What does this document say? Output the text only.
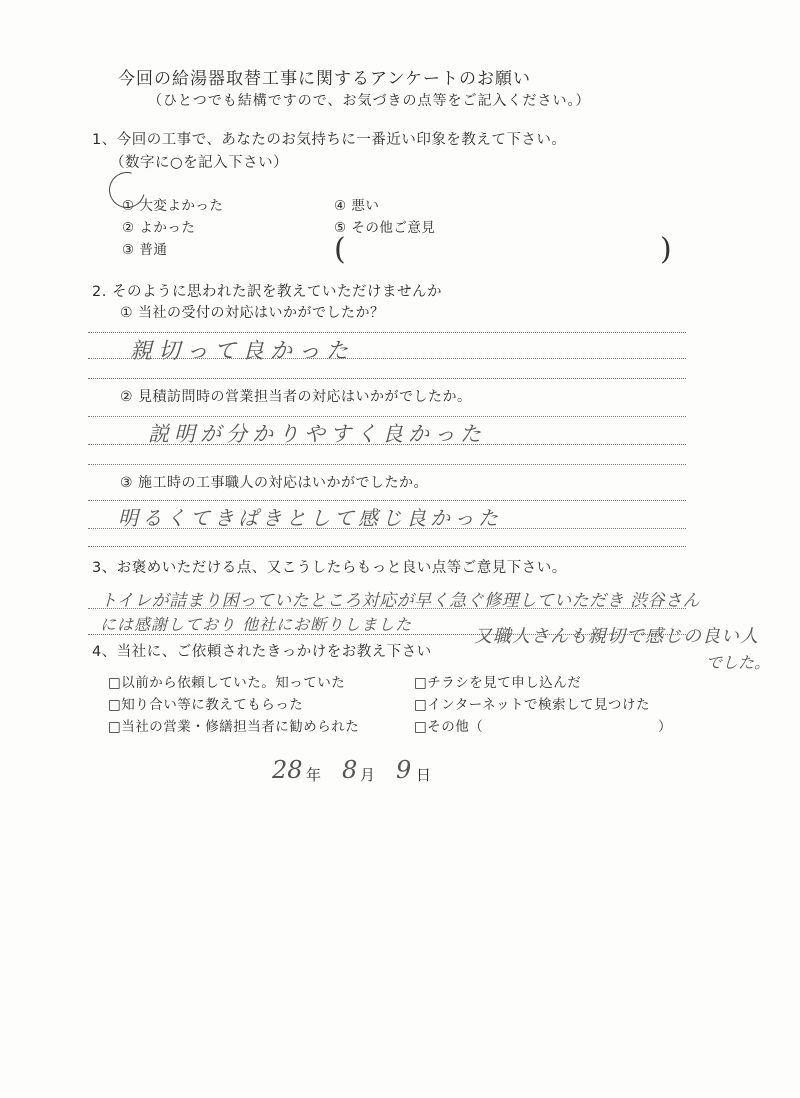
今回の給湯器取替工事に関するアンケートのお願い
（ひとつでも結構ですので、お気づきの点等をご記入ください。）
1、今回の工事で、あなたのお気持ちに一番近い印象を教えて下さい。
（数字に○を記入下さい）
① 大変よかった
② よかった
③ 普通
④ 悪い
⑤ その他ご意見
(	)
2. そのように思われた訳を教えていただけませんか
① 当社の受付の対応はいかがでしたか？
親切って良かった
② 見積訪問時の営業担当者の対応はいかがでしたか。
説明が分かりやすく良かった
③ 施工時の工事職人の対応はいかがでしたか。
明るくてきぱきとして感じ良かった
3、お褒めいただける点、又こうしたらもっと良い点等ご意見下さい。
トイレが詰まり困っていたところ対応が早く急ぐ修理していただき 渋谷さん
には感謝しており 他社にお断りしました
4、当社に、ご依頼されたきっかけをお教え下さい
又職人さんも親切で感じの良い人
でした。
□以前から依頼していた。知っていた
□知り合い等に教えてもらった
□当社の営業・修繕担当者に勧められた
□チラシを見て申し込んだ
□インターネットで検索して見つけた
□その他（	）
28 年 8 月 9 日
